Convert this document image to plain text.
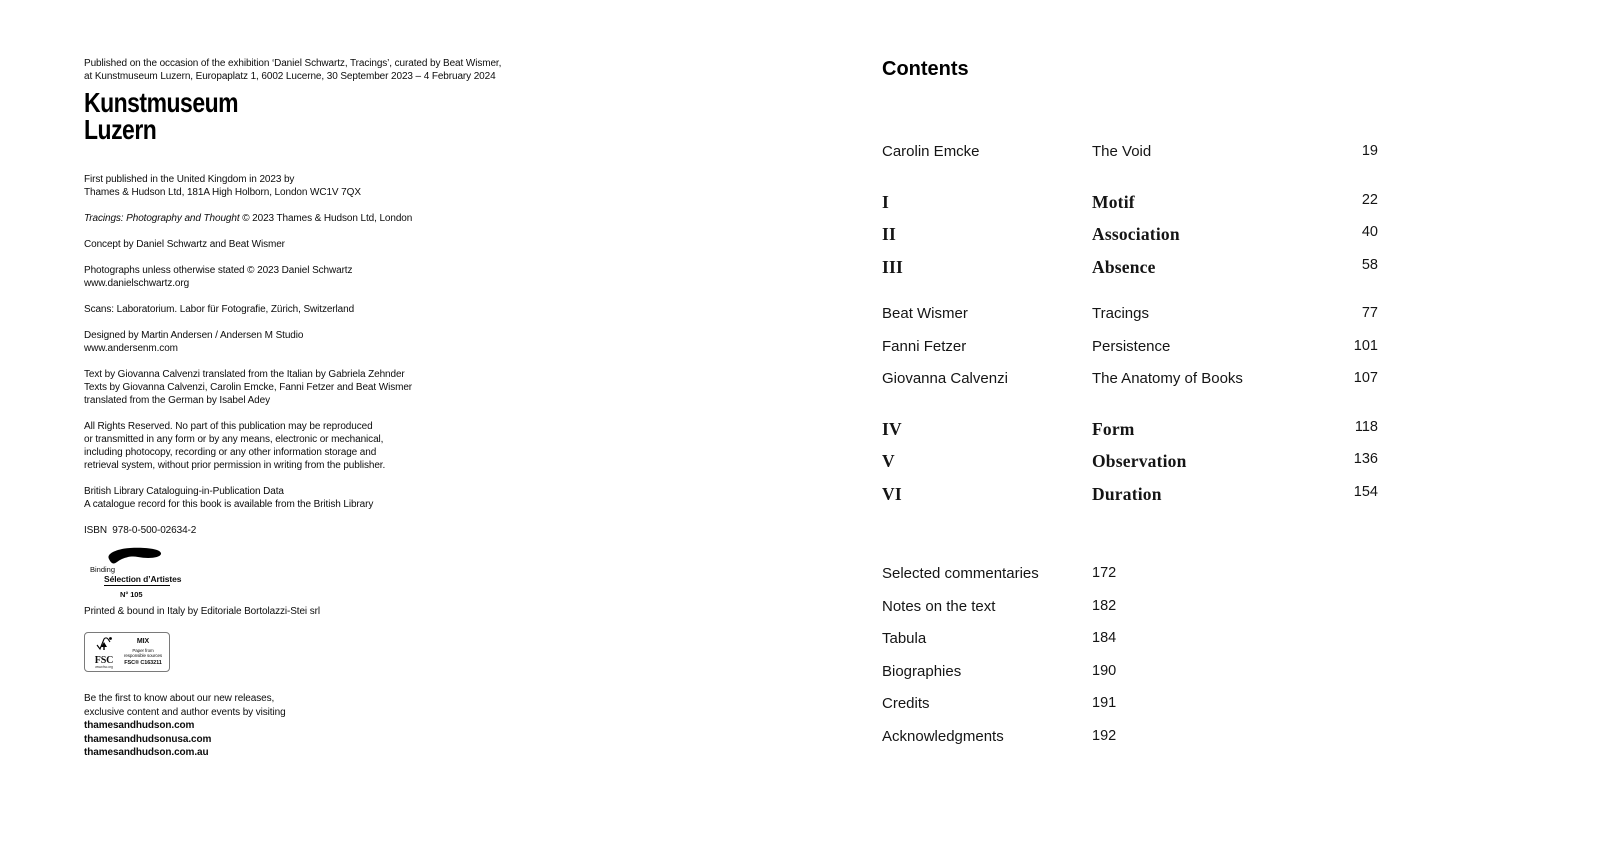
Published on the occasion of the exhibition ‘Daniel Schwartz, Tracings’, curated by Beat Wismer,
at Kunstmuseum Luzern, Europaplatz 1, 6002 Lucerne, 30 September 2023 – 4 February 2024
Kunstmuseum
Luzern
First published in the United Kingdom in 2023 by
Thames & Hudson Ltd, 181A High Holborn, London WC1V 7QX
Tracings: Photography and Thought © 2023 Thames & Hudson Ltd, London
Concept by Daniel Schwartz and Beat Wismer
Photographs unless otherwise stated © 2023 Daniel Schwartz
www.danielschwartz.org
Scans: Laboratorium. Labor für Fotografie, Zürich, Switzerland
Designed by Martin Andersen / Andersen M Studio
www.andersenm.com
Text by Giovanna Calvenzi translated from the Italian by Gabriela Zehnder
Texts by Giovanna Calvenzi, Carolin Emcke, Fanni Fetzer and Beat Wismer
translated from the German by Isabel Adey
All Rights Reserved. No part of this publication may be reproduced
or transmitted in any form or by any means, electronic or mechanical,
including photocopy, recording or any other information storage and
retrieval system, without prior permission in writing from the publisher.
British Library Cataloguing-in-Publication Data
A catalogue record for this book is available from the British Library
ISBN  978-0-500-02634-2
Binding
Sélection d’Artistes
N° 105
Printed & bound in Italy by Editoriale Bortolazzi-Stei srl
FSC
www.fsc.org
MIX
Paper from
responsible sources
FSC® C163211
Be the first to know about our new releases,
exclusive content and author events by visiting
thamesandhudson.com
thamesandhudsonusa.com
thamesandhudson.com.au
Contents
Carolin Emcke	The Void	19
I	Motif	22
II	Association	40
III	Absence	58
Beat Wismer	Tracings	77
Fanni Fetzer	Persistence	101
Giovanna Calvenzi	The Anatomy of Books	107
IV	Form	118
V	Observation	136
VI	Duration	154
Selected commentaries	172
Notes on the text	182
Tabula	184
Biographies	190
Credits	191
Acknowledgments	192
